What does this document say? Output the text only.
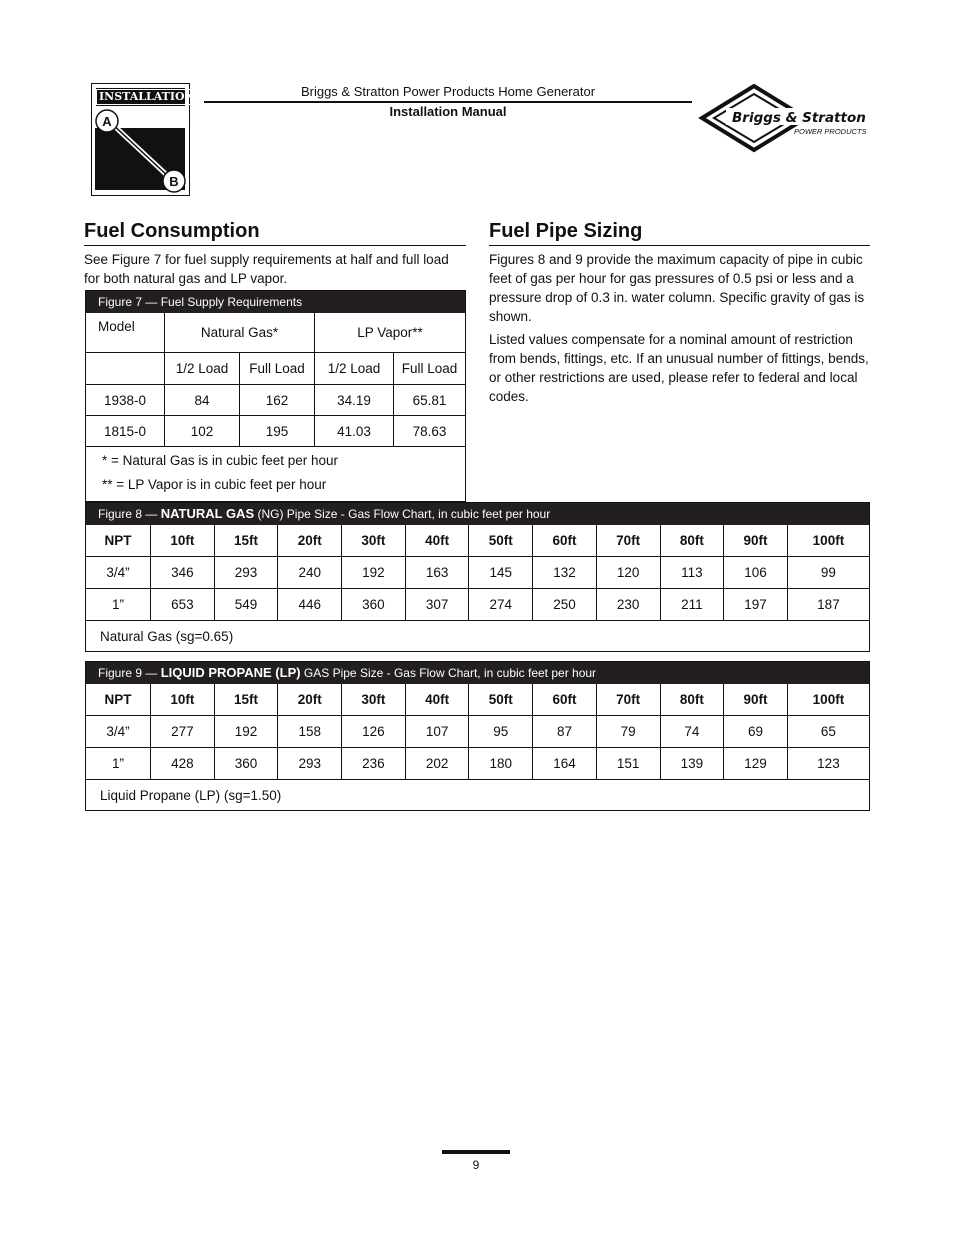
INSTALLATION
A
B
Briggs & Stratton Power Products Home Generator
Installation Manual	Briggs & Stratton
POWER PRODUCTS
Fuel Consumption
See Figure 7 for fuel supply requirements at half and full load for both natural gas and LP vapor.
Figure 7 — Fuel Supply Requirements
Model	Natural Gas*		LP Vapor**	
	1/2 Load	Full Load	1/2 Load	Full Load
1938-0	84	162	34.19	65.81
1815-0	102	195	41.03	78.63
* = Natural Gas is in cubic feet per hour
** = LP Vapor is in cubic feet per hour
Fuel Pipe Sizing
Figures 8 and 9 provide the maximum capacity of pipe in cubic feet of gas per hour for gas pressures of 0.5 psi or less and a pressure drop of 0.3 in. water column. Specific gravity of gas is shown.
Listed values compensate for a nominal amount of restriction from bends, fittings, etc. If an unusual number of fittings, bends, or other restrictions are used, please refer to federal and local codes.
Figure 8 — NATURAL GAS (NG) Pipe Size - Gas Flow Chart, in cubic feet per hour
NPT	10ft	15ft	20ft	30ft	40ft	50ft	60ft	70ft	80ft	90ft	100ft
3/4”	346	293	240	192	163	145	132	120	113	106	99
1”	653	549	446	360	307	274	250	230	211	197	187
Natural Gas (sg=0.65)											
Figure 9 — LIQUID PROPANE (LP) GAS Pipe Size - Gas Flow Chart, in cubic feet per hour
NPT	10ft	15ft	20ft	30ft	40ft	50ft	60ft	70ft	80ft	90ft	100ft
3/4”	277	192	158	126	107	95	87	79	74	69	65
1”	428	360	293	236	202	180	164	151	139	129	123
Liquid Propane (LP) (sg=1.50)											
9
